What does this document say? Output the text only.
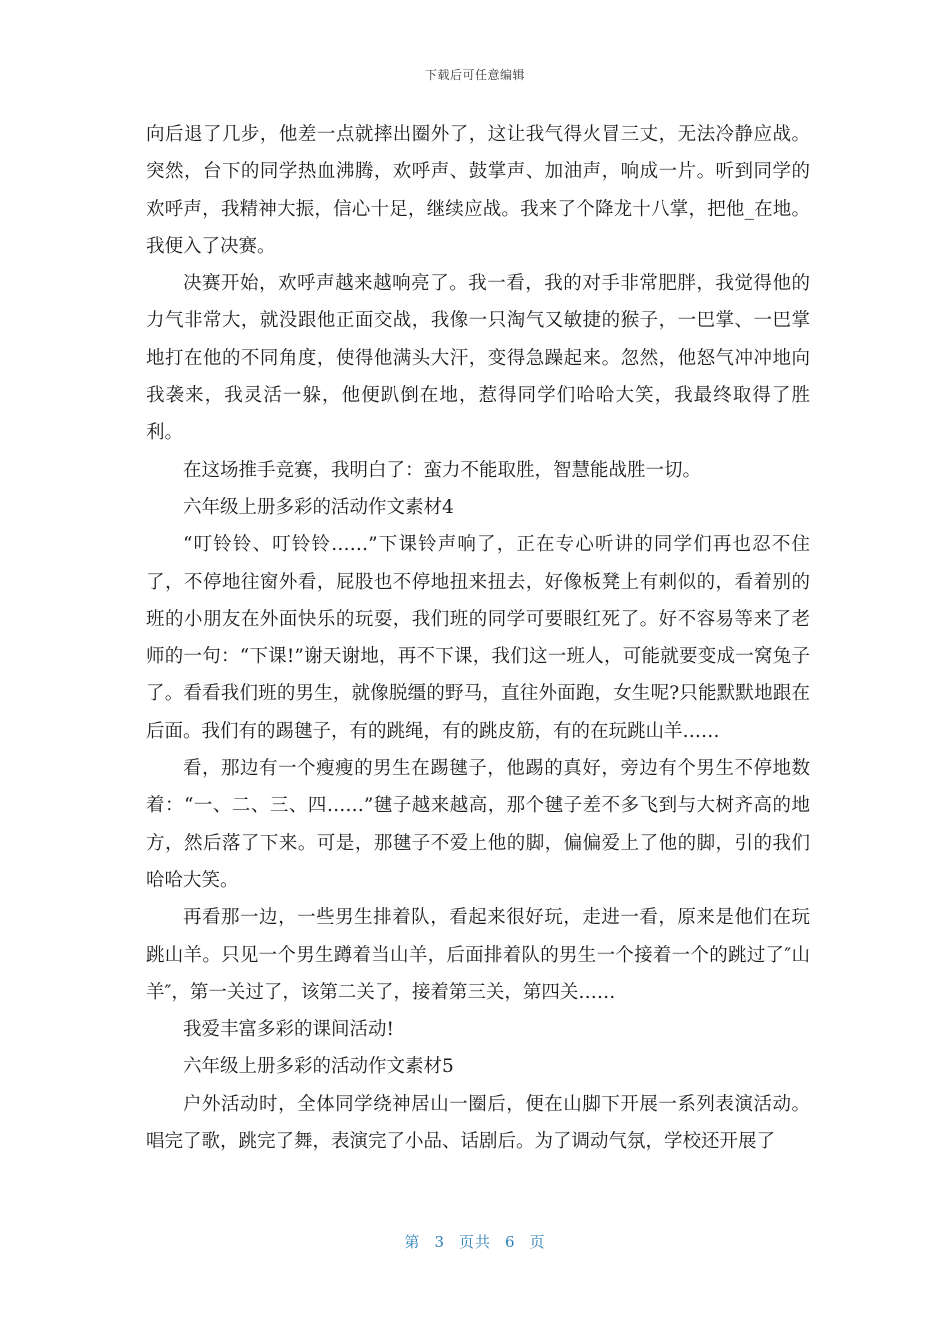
下载后可任意编辑

向后退了几步，他差一点就摔出圈外了，这让我气得火冒三丈，无法冷静应战。突然，台下的同学热血沸腾，欢呼声、鼓掌声、加油声，响成一片。听到同学的欢呼声，我精神大振，信心十足，继续应战。我来了个降龙十八掌，把他_在地。我便入了决赛。

决赛开始，欢呼声越来越响亮了。我一看，我的对手非常肥胖，我觉得他的力气非常大，就没跟他正面交战，我像一只淘气又敏捷的猴子，一巴掌、一巴掌地打在他的不同角度，使得他满头大汗，变得急躁起来。忽然，他怒气冲冲地向我袭来，我灵活一躲，他便趴倒在地，惹得同学们哈哈大笑，我最终取得了胜利。

在这场推手竞赛，我明白了：蛮力不能取胜，智慧能战胜一切。

六年级上册多彩的活动作文素材4

“叮铃铃、叮铃铃……”下课铃声响了，正在专心听讲的同学们再也忍不住了，不停地往窗外看，屁股也不停地扭来扭去，好像板凳上有刺似的，看着别的班的小朋友在外面快乐的玩耍，我们班的同学可要眼红死了。好不容易等来了老师的一句：“下课!”谢天谢地，再不下课，我们这一班人，可能就要变成一窝兔子了。看看我们班的男生，就像脱缰的野马，直往外面跑，女生呢?只能默默地跟在后面。我们有的踢毽子，有的跳绳，有的跳皮筋，有的在玩跳山羊……

看，那边有一个瘦瘦的男生在踢毽子，他踢的真好，旁边有个男生不停地数着：“一、二、三、四……”毽子越来越高，那个毽子差不多飞到与大树齐高的地方，然后落了下来。可是，那毽子不爱上他的脚，偏偏爱上了他的脚，引的我们哈哈大笑。

再看那一边，一些男生排着队，看起来很好玩，走进一看，原来是他们在玩跳山羊。只见一个男生蹲着当山羊，后面排着队的男生一个接着一个的跳过了″山羊″，第一关过了，该第二关了，接着第三关，第四关……

我爱丰富多彩的课间活动!

六年级上册多彩的活动作文素材5

户外活动时，全体同学绕神居山一圈后，便在山脚下开展一系列表演活动。唱完了歌，跳完了舞，表演完了小品、话剧后。为了调动气氛，学校还开展了

第 3 页共 6 页
